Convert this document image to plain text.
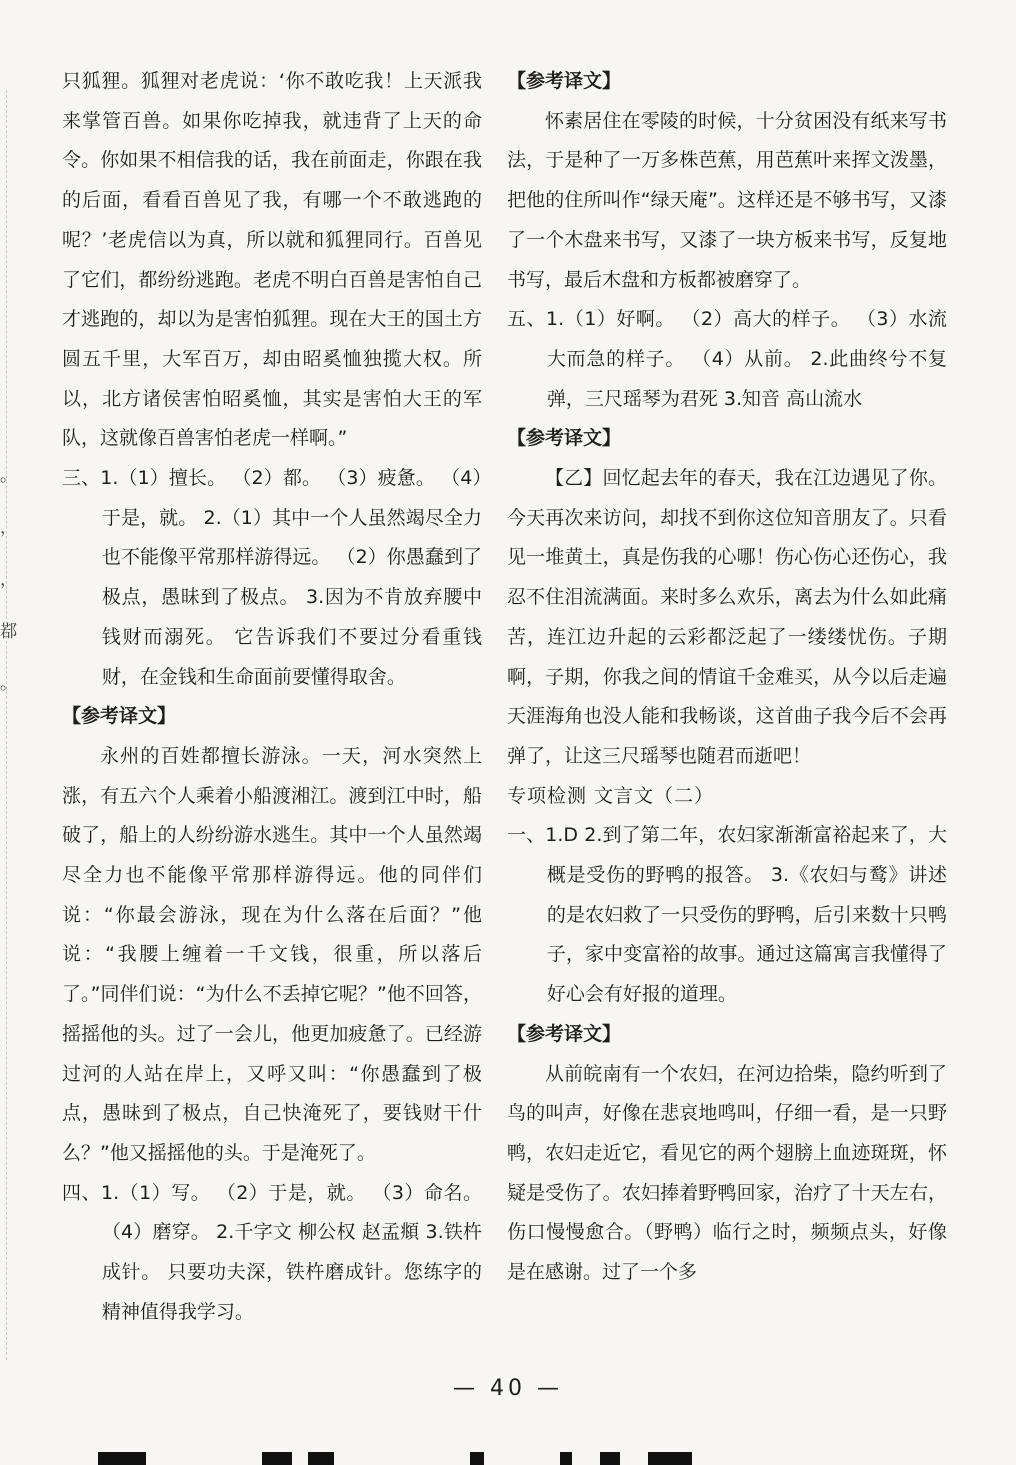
。
，
，
鄀
。

只狐狸。狐狸对老虎说：‘你不敢吃我！上天派我来掌管百兽。如果你吃掉我，就违背了上天的命令。你如果不相信我的话，我在前面走，你跟在我的后面，看看百兽见了我，有哪一个不敢逃跑的呢？’老虎信以为真，所以就和狐狸同行。百兽见了它们，都纷纷逃跑。老虎不明白百兽是害怕自己才逃跑的，却以为是害怕狐狸。现在大王的国土方圆五千里，大军百万，却由昭奚恤独揽大权。所以，北方诸侯害怕昭奚恤，其实是害怕大王的军队，这就像百兽害怕老虎一样啊。”

三、1.（1）擅长。 （2）都。 （3）疲惫。 （4）于是，就。 2.（1）其中一个人虽然竭尽全力也不能像平常那样游得远。 （2）你愚蠢到了极点，愚昧到了极点。 3.因为不肯放弃腰中钱财而溺死。 它告诉我们不要过分看重钱财，在金钱和生命面前要懂得取舍。

【参考译文】

永州的百姓都擅长游泳。一天，河水突然上涨，有五六个人乘着小船渡湘江。渡到江中时，船破了，船上的人纷纷游水逃生。其中一个人虽然竭尽全力也不能像平常那样游得远。他的同伴们说：“你最会游泳，现在为什么落在后面？”他说：“我腰上缠着一千文钱，很重，所以落后了。”同伴们说：“为什么不丢掉它呢？”他不回答，摇摇他的头。过了一会儿，他更加疲惫了。已经游过河的人站在岸上，又呼又叫：“你愚蠢到了极点，愚昧到了极点，自己快淹死了，要钱财干什么？”他又摇摇他的头。于是淹死了。

四、1.（1）写。 （2）于是，就。 （3）命名。 （4）磨穿。 2.千字文 柳公权 赵孟頫 3.铁杵成针。 只要功夫深，铁杵磨成针。您练字的精神值得我学习。

【参考译文】

怀素居住在零陵的时候，十分贫困没有纸来写书法，于是种了一万多株芭蕉，用芭蕉叶来挥文泼墨，把他的住所叫作“绿天庵”。这样还是不够书写，又漆了一个木盘来书写，又漆了一块方板来书写，反复地书写，最后木盘和方板都被磨穿了。

五、1.（1）好啊。 （2）高大的样子。 （3）水流大而急的样子。 （4）从前。 2.此曲终兮不复弹，三尺瑶琴为君死 3.知音 高山流水

【参考译文】

【乙】回忆起去年的春天，我在江边遇见了你。今天再次来访问，却找不到你这位知音朋友了。只看见一堆黄土，真是伤我的心哪！伤心伤心还伤心，我忍不住泪流满面。来时多么欢乐，离去为什么如此痛苦，连江边升起的云彩都泛起了一缕缕忧伤。子期啊，子期，你我之间的情谊千金难买，从今以后走遍天涯海角也没人能和我畅谈，这首曲子我今后不会再弹了，让这三尺瑶琴也随君而逝吧！

专项检测 文言文（二）

一、1.D 2.到了第二年，农妇家渐渐富裕起来了，大概是受伤的野鸭的报答。 3.《农妇与鹜》讲述的是农妇救了一只受伤的野鸭，后引来数十只鸭子，家中变富裕的故事。通过这篇寓言我懂得了好心会有好报的道理。

【参考译文】

从前皖南有一个农妇，在河边拾柴，隐约听到了鸟的叫声，好像在悲哀地鸣叫，仔细一看，是一只野鸭，农妇走近它，看见它的两个翅膀上血迹斑斑，怀疑是受伤了。农妇捧着野鸭回家，治疗了十天左右，伤口慢慢愈合。（野鸭）临行之时，频频点头，好像是在感谢。过了一个多

— 40 —
